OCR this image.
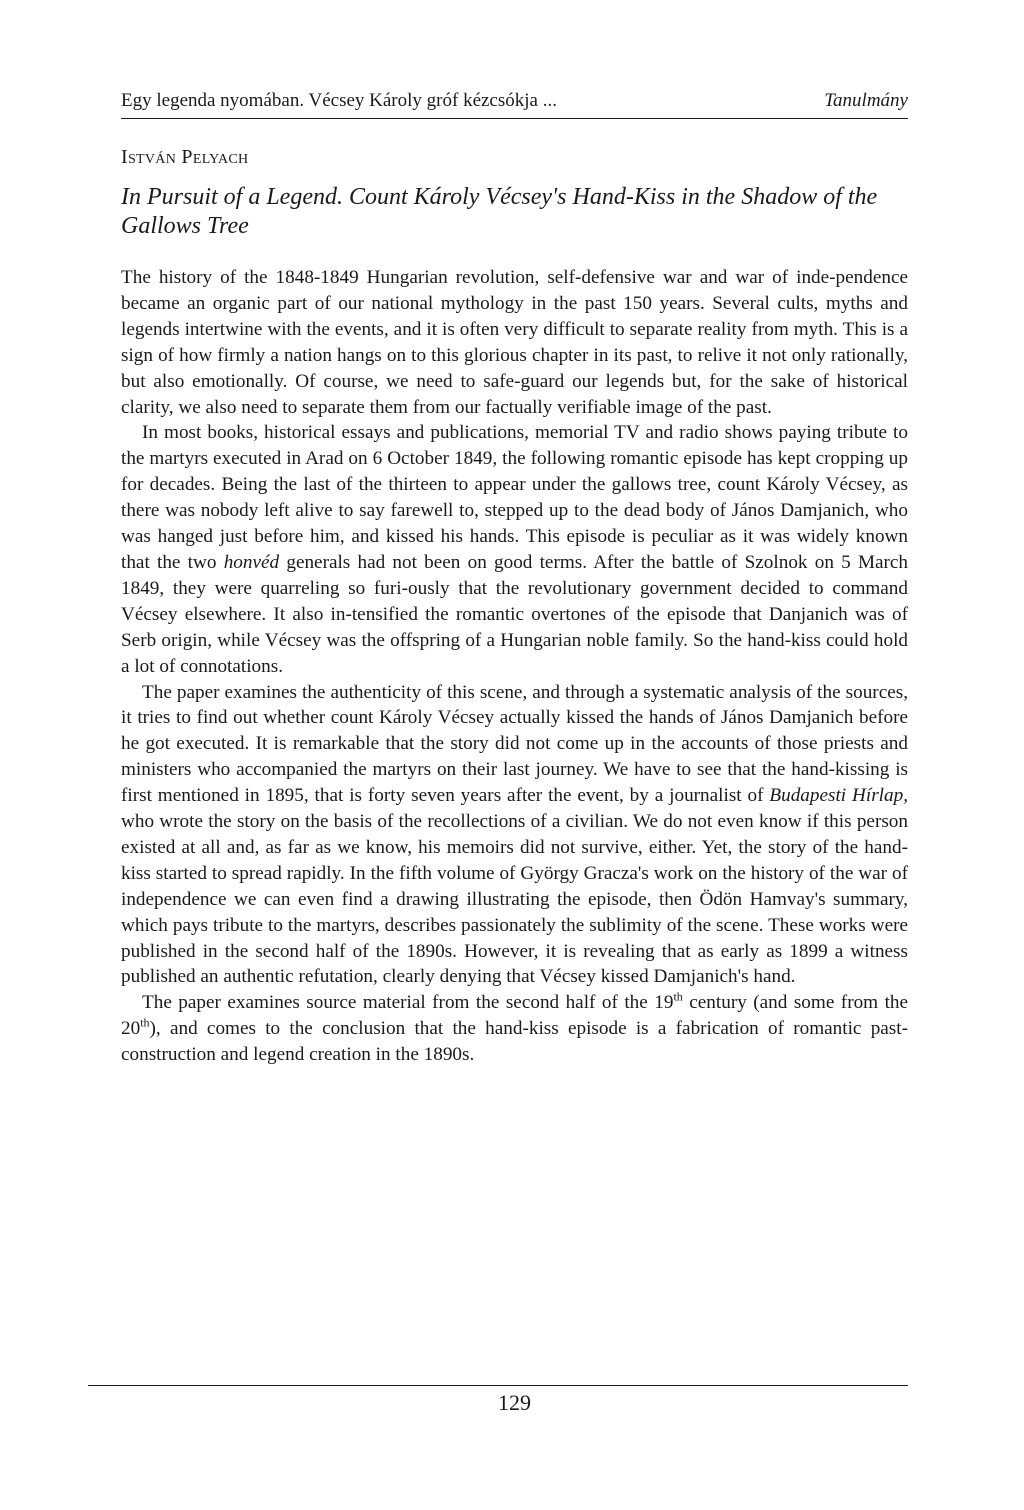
Egy legenda nyomában. Vécsey Károly gróf kézcsókja ...	Tanulmány
István Pelyach
In Pursuit of a Legend. Count Károly Vécsey's Hand-Kiss in the Shadow of the Gallows Tree

The history of the 1848-1849 Hungarian revolution, self-defensive war and war of inde-pendence became an organic part of our national mythology in the past 150 years. Several cults, myths and legends intertwine with the events, and it is often very difficult to separate reality from myth. This is a sign of how firmly a nation hangs on to this glorious chapter in its past, to relive it not only rationally, but also emotionally. Of course, we need to safe-guard our legends but, for the sake of historical clarity, we also need to separate them from our factually verifiable image of the past.

In most books, historical essays and publications, memorial TV and radio shows paying tribute to the martyrs executed in Arad on 6 October 1849, the following romantic episode has kept cropping up for decades. Being the last of the thirteen to appear under the gallows tree, count Károly Vécsey, as there was nobody left alive to say farewell to, stepped up to the dead body of János Damjanich, who was hanged just before him, and kissed his hands. This episode is peculiar as it was widely known that the two honvéd generals had not been on good terms. After the battle of Szolnok on 5 March 1849, they were quarreling so furi-ously that the revolutionary government decided to command Vécsey elsewhere. It also in-tensified the romantic overtones of the episode that Danjanich was of Serb origin, while Vécsey was the offspring of a Hungarian noble family. So the hand-kiss could hold a lot of connotations.

The paper examines the authenticity of this scene, and through a systematic analysis of the sources, it tries to find out whether count Károly Vécsey actually kissed the hands of János Damjanich before he got executed. It is remarkable that the story did not come up in the accounts of those priests and ministers who accompanied the martyrs on their last journey. We have to see that the hand-kissing is first mentioned in 1895, that is forty seven years after the event, by a journalist of Budapesti Hírlap, who wrote the story on the basis of the recollections of a civilian. We do not even know if this person existed at all and, as far as we know, his memoirs did not survive, either. Yet, the story of the hand-kiss started to spread rapidly. In the fifth volume of György Gracza's work on the history of the war of independence we can even find a drawing illustrating the episode, then Ödön Hamvay's summary, which pays tribute to the martyrs, describes passionately the sublimity of the scene. These works were published in the second half of the 1890s. However, it is revealing that as early as 1899 a witness published an authentic refutation, clearly denying that Vécsey kissed Damjanich's hand.

The paper examines source material from the second half of the 19th century (and some from the 20th), and comes to the conclusion that the hand-kiss episode is a fabrication of romantic past-construction and legend creation in the 1890s.

129
